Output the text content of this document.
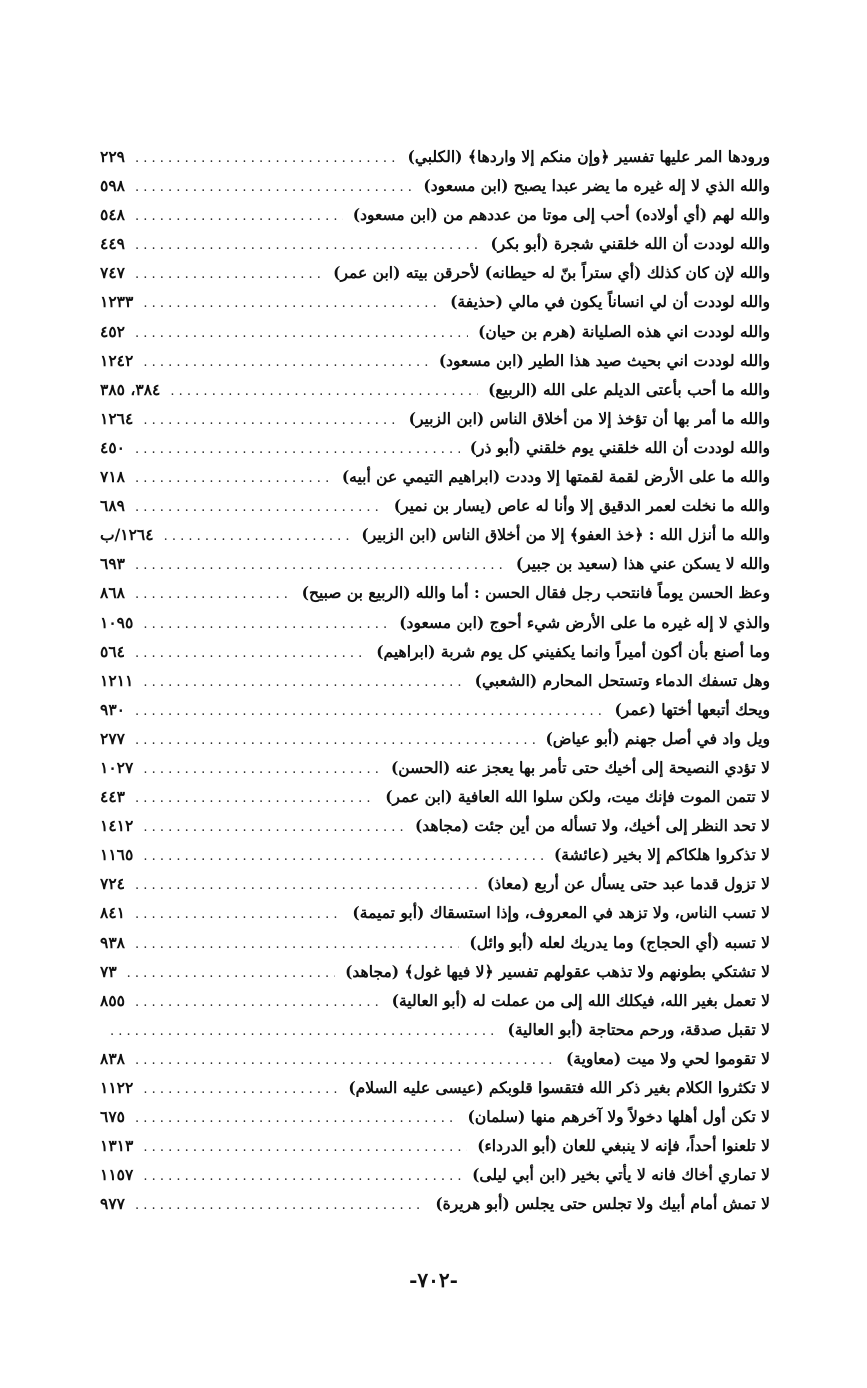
ورودها المر عليها تفسير ﴿وإن منكم إلا واردها﴾ (الكلبي)
. . .
٢٢٩
والله الذي لا إله غيره ما يضر عبدا يصبح (ابن مسعود)
. . .
٥٩٨
والله لهم (أي أولاده) أحب إلى موتا من عددهم من (ابن مسعود)
. . .
٥٤٨
والله لوددت أن الله خلقني شجرة (أبو بكر)
. . .
٤٤٩
والله لإن كان كذلك (أي ستراً بنّ له حيطانه) لأحرقن بيته (ابن عمر)
. . .
٧٤٧
والله لوددت أن لي انساناً يكون في مالي (حذيفة)
. . .
١٢٣٣
والله لوددت اني هذه الصليانة (هرم بن حيان)
. . .
٤٥٢
والله لوددت اني بحيث صيد هذا الطير (ابن مسعود)
. . .
١٢٤٢
والله ما أحب بأعتى الديلم على الله (الربيع)
. . .
٣٨٤، ٣٨٥
والله ما أمر بها أن تؤخذ إلا من أخلاق الناس (ابن الزبير)
. . .
١٢٦٤
والله لوددت أن الله خلقني يوم خلقني (أبو ذر)
. . .
٤٥٠
والله ما على الأرض لقمة لقمتها إلا وددت (ابراهيم التيمي عن أبيه)
. . .
٧١٨
والله ما نخلت لعمر الدقيق إلا وأنا له عاص (يسار بن نمير)
. . .
٦٨٩
والله ما أنزل الله : ﴿خذ العفو﴾ إلا من أخلاق الناس (ابن الزبير)
. . .
١٢٦٤/ب
والله لا يسكن عني هذا (سعيد بن جبير)
. . .
٦٩٣
وعظ الحسن يوماً فانتحب رجل فقال الحسن : أما والله (الربيع بن صبيح)
. . .
٨٦٨
والذي لا إله غيره ما على الأرض شيء أحوج (ابن مسعود)
. . .
١٠٩٥
وما أصنع بأن أكون أميراً وانما يكفيني كل يوم شربة (ابراهيم)
. . .
٥٦٤
وهل تسفك الدماء وتستحل المحارم (الشعبي)
. . .
١٢١١
ويحك أتبعها أختها (عمر)
. . .
٩٣٠
ويل واد في أصل جهنم (أبو عياض)
. . .
٢٧٧
لا تؤدي النصيحة إلى أخيك حتى تأمر بها يعجز عنه (الحسن)
. . .
١٠٢٧
لا تتمن الموت فإنك ميت، ولكن سلوا الله العافية (ابن عمر)
. . .
٤٤٣
لا تحد النظر إلى أخيك، ولا تسأله من أين جئت (مجاهد)
. . .
١٤١٢
لا تذكروا هلكاكم إلا بخير (عائشة)
. . .
١١٦٥
لا تزول قدما عبد حتى يسأل عن أربع (معاذ)
. . .
٧٢٤
لا تسب الناس، ولا تزهد في المعروف، وإذا استسقاك (أبو تميمة)
. . .
٨٤١
لا تسبه (أي الحجاج) وما يدريك لعله (أبو وائل)
. . .
٩٣٨
لا تشتكي بطونهم ولا تذهب عقولهم تفسير ﴿لا فيها غول﴾ (مجاهد)
. . .
٧٣
لا تعمل بغير الله، فيكلك الله إلى من عملت له (أبو العالية)
. . .
٨٥٥
لا تقبل صدقة، ورحم محتاجة (أبو العالية)
. . .
لا تقوموا لحي ولا ميت (معاوية)
. . .
٨٣٨
لا تكثروا الكلام بغير ذكر الله فتقسوا قلوبكم (عيسى عليه السلام)
. . .
١١٢٢
لا تكن أول أهلها دخولاً ولا آخرهم منها (سلمان)
. . .
٦٧٥
لا تلعنوا أحداً، فإنه لا ينبغي للعان (أبو الدرداء)
. . .
١٣١٣
لا تماري أخاك فانه لا يأتي بخير (ابن أبي ليلى)
. . .
١١٥٧
لا تمش أمام أبيك ولا تجلس حتى يجلس (أبو هريرة)
. . .
٩٧٧
-٧٠٢-
